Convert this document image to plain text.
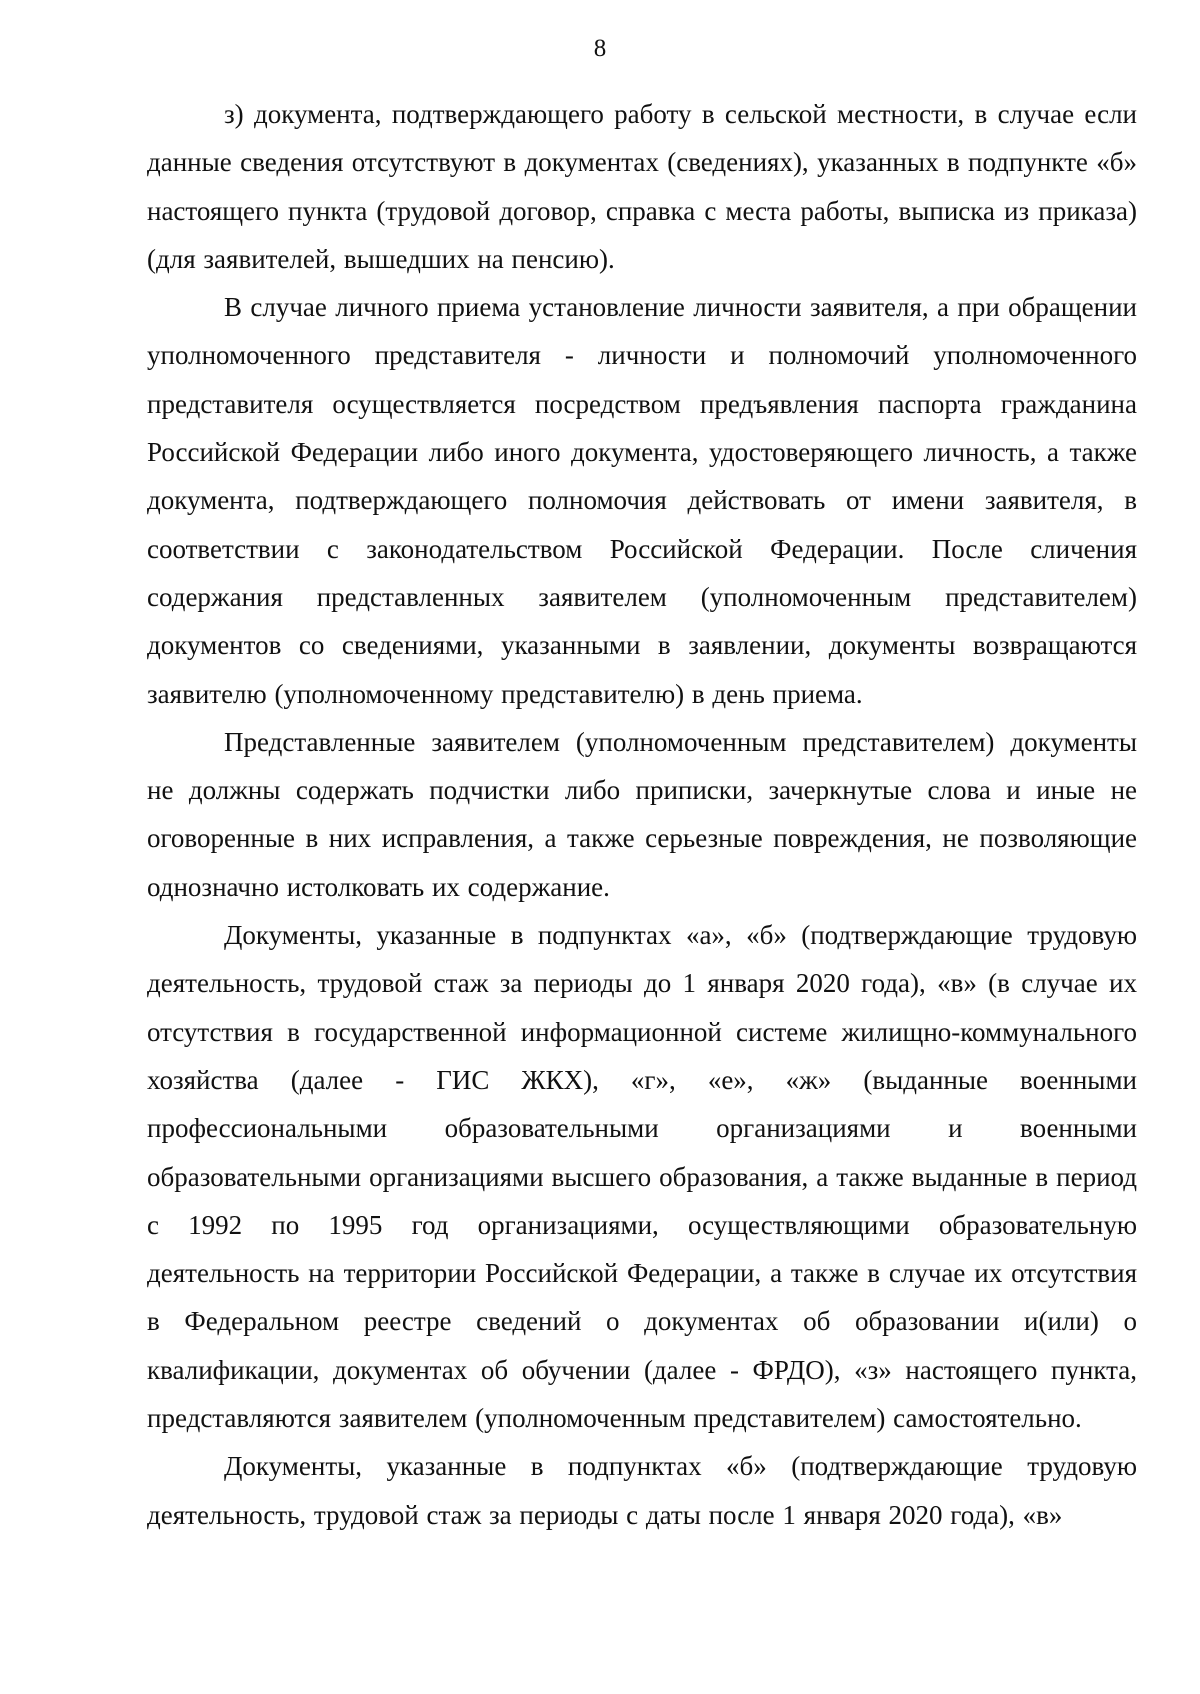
8

з) документа, подтверждающего работу в сельской местности, в случае если данные сведения отсутствуют в документах (сведениях), указанных в подпункте «б» настоящего пункта (трудовой договор, справка с места работы, выписка из приказа) (для заявителей, вышедших на пенсию).

В случае личного приема установление личности заявителя, а при обращении уполномоченного представителя - личности и полномочий уполномоченного представителя осуществляется посредством предъявления паспорта гражданина Российской Федерации либо иного документа, удостоверяющего личность, а также документа, подтверждающего полномочия действовать от имени заявителя, в соответствии с законодательством Российской Федерации. После сличения содержания представленных заявителем (уполномоченным представителем) документов со сведениями, указанными в заявлении, документы возвращаются заявителю (уполномоченному представителю) в день приема.

Представленные заявителем (уполномоченным представителем) документы не должны содержать подчистки либо приписки, зачеркнутые слова и иные не оговоренные в них исправления, а также серьезные повреждения, не позволяющие однозначно истолковать их содержание.

Документы, указанные в подпунктах «а», «б» (подтверждающие трудовую деятельность, трудовой стаж за периоды до 1 января 2020 года), «в» (в случае их отсутствия в государственной информационной системе жилищно-коммунального хозяйства (далее - ГИС ЖКХ), «г», «е», «ж» (выданные военными профессиональными образовательными организациями и военными образовательными организациями высшего образования, а также выданные в период с 1992 по 1995 год организациями, осуществляющими образовательную деятельность на территории Российской Федерации, а также в случае их отсутствия в Федеральном реестре сведений о документах об образовании и(или) о квалификации, документах об обучении (далее - ФРДО), «з» настоящего пункта, представляются заявителем (уполномоченным представителем) самостоятельно.

Документы, указанные в подпунктах «б» (подтверждающие трудовую деятельность, трудовой стаж за периоды с даты после 1 января 2020 года), «в»
